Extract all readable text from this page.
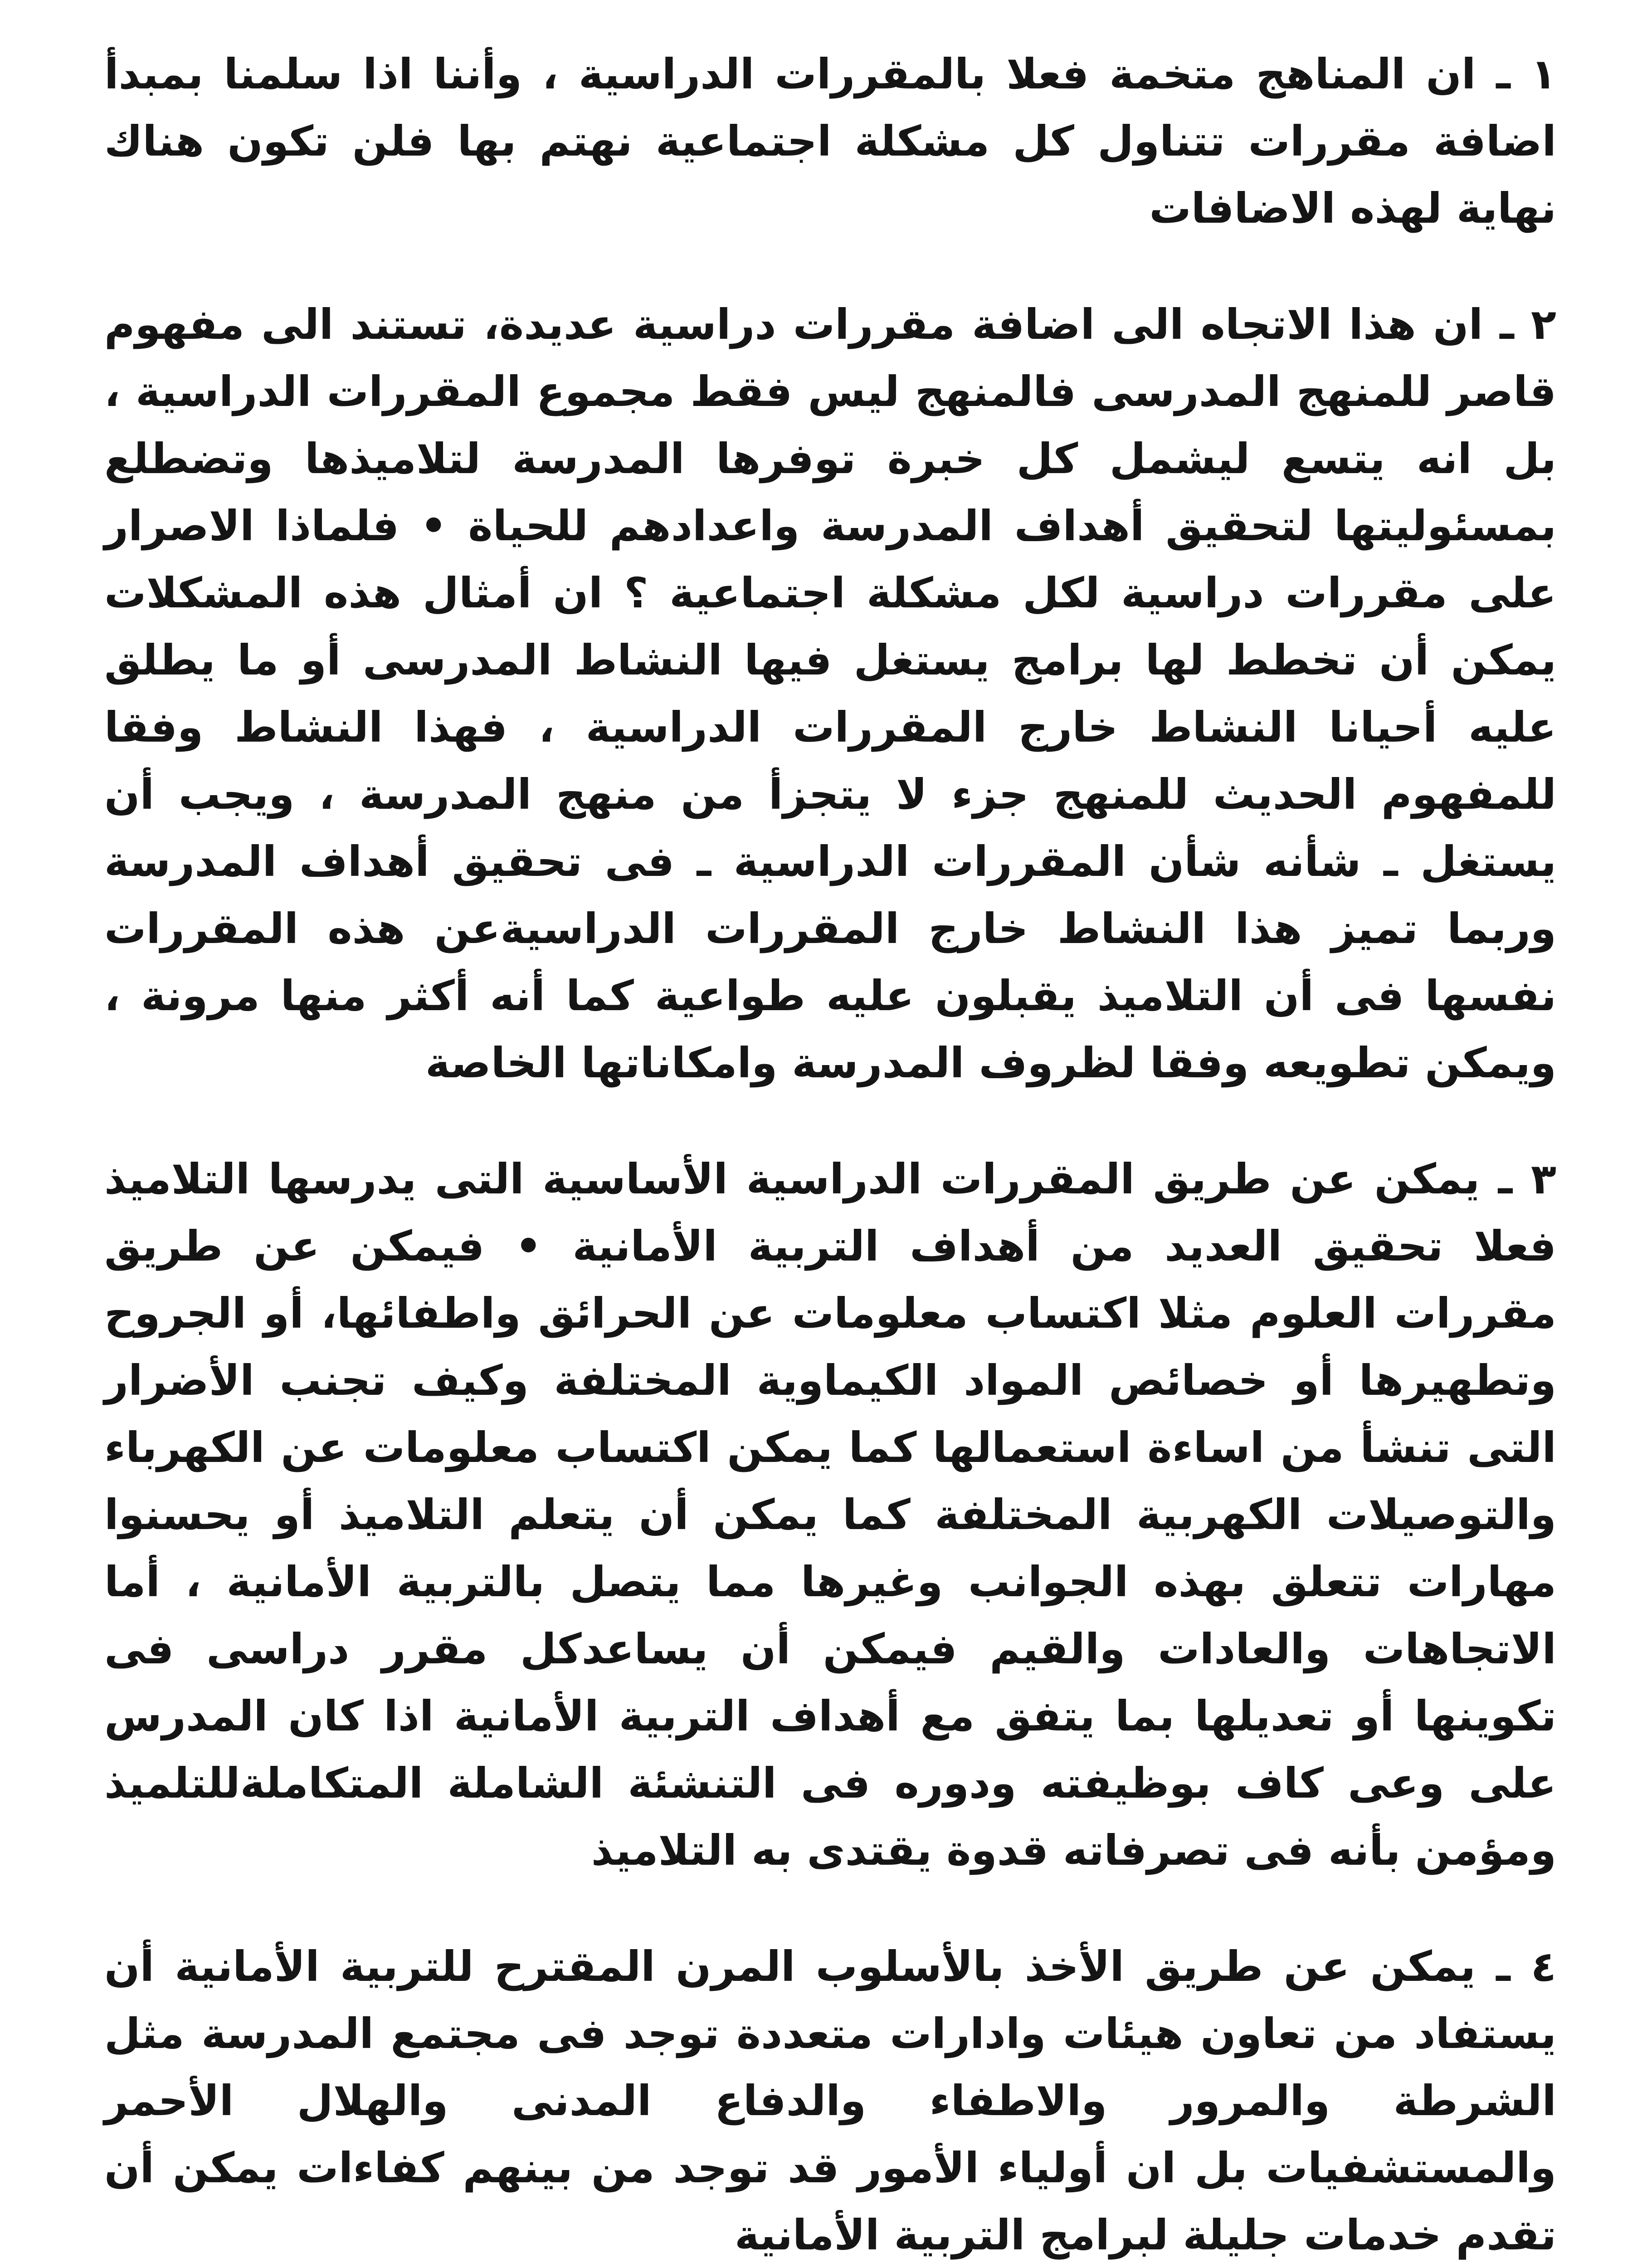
١ ـ ان المناهج متخمة فعلا بالمقررات الدراسية ، وأننا اذا سلمنا بمبدأ اضافة مقررات تتناول كل مشكلة اجتماعية نهتم بها فلن تكون هناك نهاية لهذه الاضافات

٢ ـ ان هذا الاتجاه الى اضافة مقررات دراسية عديدة، تستند الى مفهوم قاصر للمنهج المدرسى فالمنهج ليس فقط مجموع المقررات الدراسية ، بل انه يتسع ليشمل كل خبرة توفرها المدرسة لتلاميذها وتضطلع بمسئوليتها لتحقيق أهداف المدرسة واعدادهم للحياة • فلماذا الاصرار على مقررات دراسية لكل مشكلة اجتماعية ؟ ان أمثال هذه المشكلات يمكن أن تخطط لها برامج يستغل فيها النشاط المدرسى أو ما يطلق عليه أحيانا النشاط خارج المقررات الدراسية ، فهذا النشاط وفقا للمفهوم الحديث للمنهج جزء لا يتجزأ من منهج المدرسة ، ويجب أن يستغل ـ شأنه شأن المقررات الدراسية ـ فى تحقيق أهداف المدرسة وربما تميز هذا النشاط خارج المقررات الدراسيةعن هذه المقررات نفسها فى أن التلاميذ يقبلون عليه طواعية كما أنه أكثر منها مرونة ، ويمكن تطويعه وفقا لظروف المدرسة وامكاناتها الخاصة

٣ ـ يمكن عن طريق المقررات الدراسية الأساسية التى يدرسها التلاميذ فعلا تحقيق العديد من أهداف التربية الأمانية • فيمكن عن طريق مقررات العلوم مثلا اكتساب معلومات عن الحرائق واطفائها، أو الجروح وتطهيرها أو خصائص المواد الكيماوية المختلفة وكيف تجنب الأضرار التى تنشأ من اساءة استعمالها كما يمكن اكتساب معلومات عن الكهرباء والتوصيلات الكهربية المختلفة كما يمكن أن يتعلم التلاميذ أو يحسنوا مهارات تتعلق بهذه الجوانب وغيرها مما يتصل بالتربية الأمانية ، أما الاتجاهات والعادات والقيم فيمكن أن يساعدكل مقرر دراسى فى تكوينها أو تعديلها بما يتفق مع أهداف التربية الأمانية اذا كان المدرس على وعى كاف بوظيفته ودوره فى التنشئة الشاملة المتكاملةللتلميذ ومؤمن بأنه فى تصرفاته قدوة يقتدى به التلاميذ

٤ ـ يمكن عن طريق الأخذ بالأسلوب المرن المقترح للتربية الأمانية أن يستفاد من تعاون هيئات وادارات متعددة توجد فى مجتمع المدرسة مثل الشرطة والمرور والاطفاء والدفاع المدنى والهلال الأحمر والمستشفيات بل ان أولياء الأمور قد توجد من بينهم كفاءات يمكن أن تقدم خدمات جليلة لبرامج التربية الأمانية
